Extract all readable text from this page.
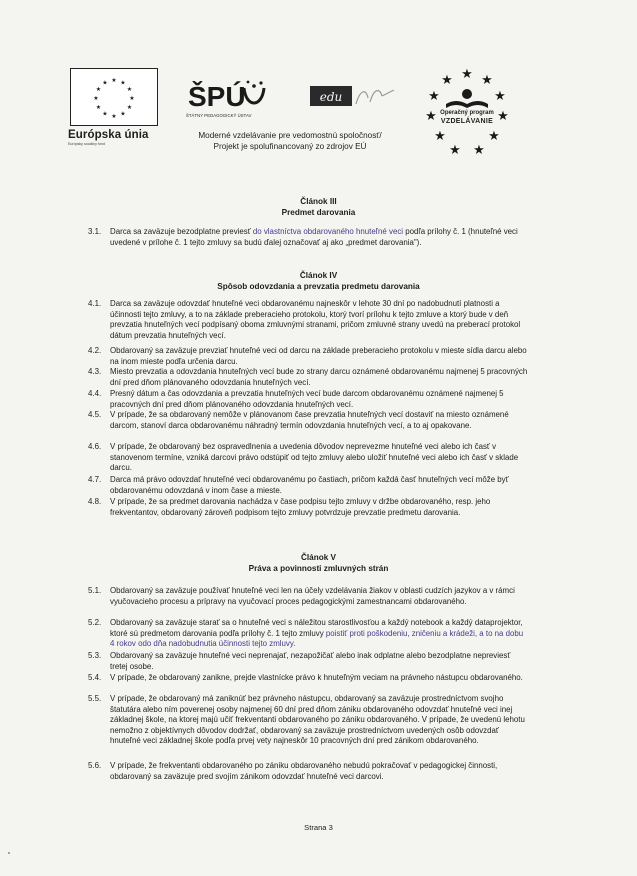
★ ★
★
★
★
★
★
★
★
★
★
★
Európska únia
Európsky sociálny fond
ŠPÚ
ŠTÁTNY PEDAGOGICKÝ ÚSTAV
edu
★ ★
★
★
★
★
★
★
★
★
★
Operačný program
VZDELÁVANIE
Moderné vzdelávanie pre vedomostnú spoločnosť/
Projekt je spolufinancovaný zo zdrojov EÚ
Článok III
Predmet darovania
3.1.	Darca sa zaväzuje bezodplatne previesť do vlastníctva obdarovaného hnuteľné veci podľa prílohy č. 1 (hnuteľné veci uvedené v prílohe č. 1 tejto zmluvy sa budú ďalej označovať aj ako „predmet darovania").
Článok IV
Spôsob odovzdania a prevzatia predmetu darovania
4.1.	Darca sa zaväzuje odovzdať hnuteľné veci obdarovanému najneskôr v lehote 30 dní po nadobudnutí platnosti a účinnosti tejto zmluvy, a to na základe preberacieho protokolu, ktorý tvorí prílohu k tejto zmluve a ktorý bude v deň prevzatia hnuteľných vecí podpísaný oboma zmluvnými stranami, pričom zmluvné strany uvedú na preberací protokol dátum prevzatia hnuteľných vecí.
4.2.	Obdarovaný sa zaväzuje prevziať hnuteľné veci od darcu na základe preberacieho protokolu v mieste sídla darcu alebo na inom mieste podľa určenia darcu.
4.3.	Miesto prevzatia a odovzdania hnuteľných vecí bude zo strany darcu oznámené obdarovanému najmenej 5 pracovných dní pred dňom plánovaného odovzdania hnuteľných vecí.
4.4.	Presný dátum a čas odovzdania a prevzatia hnuteľných vecí bude darcom obdarovanému oznámené najmenej 5 pracovných dní pred dňom plánovaného odovzdania hnuteľných vecí.
4.5.	V prípade, že sa obdarovaný nemôže v plánovanom čase prevzatia hnuteľných vecí dostaviť na miesto oznámené darcom, stanoví darca obdarovanému náhradný termín odovzdania hnuteľných vecí, a to aj opakovane.
4.6.	V prípade, že obdarovaný bez ospravedlnenia a uvedenia dôvodov neprevezme hnuteľné veci alebo ich časť v stanovenom termíne, vzniká darcovi právo odstúpiť od tejto zmluvy alebo uložiť hnuteľné veci alebo ich časť v sklade darcu.
4.7.	Darca má právo odovzdať hnuteľné veci obdarovanému po častiach, pričom každá časť hnuteľných vecí môže byť obdarovanému odovzdaná v inom čase a mieste.
4.8.	V prípade, že sa predmet darovania nachádza v čase podpisu tejto zmluvy v držbe obdarovaného, resp. jeho frekventantov, obdarovaný zároveň podpisom tejto zmluvy potvrdzuje prevzatie predmetu darovania.
Článok V
Práva a povinnosti zmluvných strán
5.1.	Obdarovaný sa zaväzuje používať hnuteľné veci len na účely vzdelávania žiakov v oblasti cudzích jazykov a v rámci vyučovacieho procesu a prípravy na vyučovací proces pedagogickými zamestnancami obdarovaného.
5.2.	Obdarovaný sa zaväzuje starať sa o hnuteľné veci s náležitou starostlivosťou a každý notebook a každý dataprojektor, ktoré sú predmetom darovania podľa prílohy č. 1 tejto zmluvy poistiť proti poškodeniu, zničeniu a krádeži, a to na dobu 4 rokov odo dňa nadobudnutia účinnosti tejto zmluvy.
5.3.	Obdarovaný sa zaväzuje hnuteľné veci neprenajať, nezapožičať alebo inak odplatne alebo bezodplatne nepreviesť tretej osobe.
5.4.	V prípade, že obdarovaný zanikne, prejde vlastnícke právo k hnuteľným veciam na právneho nástupcu obdarovaného.
5.5.	V prípade, že obdarovaný má zaniknúť bez právneho nástupcu, obdarovaný sa zaväzuje prostredníctvom svojho štatutára alebo ním poverenej osoby najmenej 60 dní pred dňom zániku obdarovaného odovzdať hnuteľné veci inej základnej škole, na ktorej majú učiť frekventanti obdarovaného po zániku obdarovaného. V prípade, že uvedenú lehotu nemožno z objektívnych dôvodov dodržať, obdarovaný sa zaväzuje prostredníctvom uvedených osôb odovzdať hnuteľné veci základnej škole podľa prvej vety najneskôr 10 pracovných dní pred zánikom obdarovaného.
5.6.	V prípade, že frekventanti obdarovaného po zániku obdarovaného nebudú pokračovať v pedagogickej činnosti, obdarovaný sa zaväzuje pred svojím zánikom odovzdať hnuteľné veci darcovi.
Strana 3
